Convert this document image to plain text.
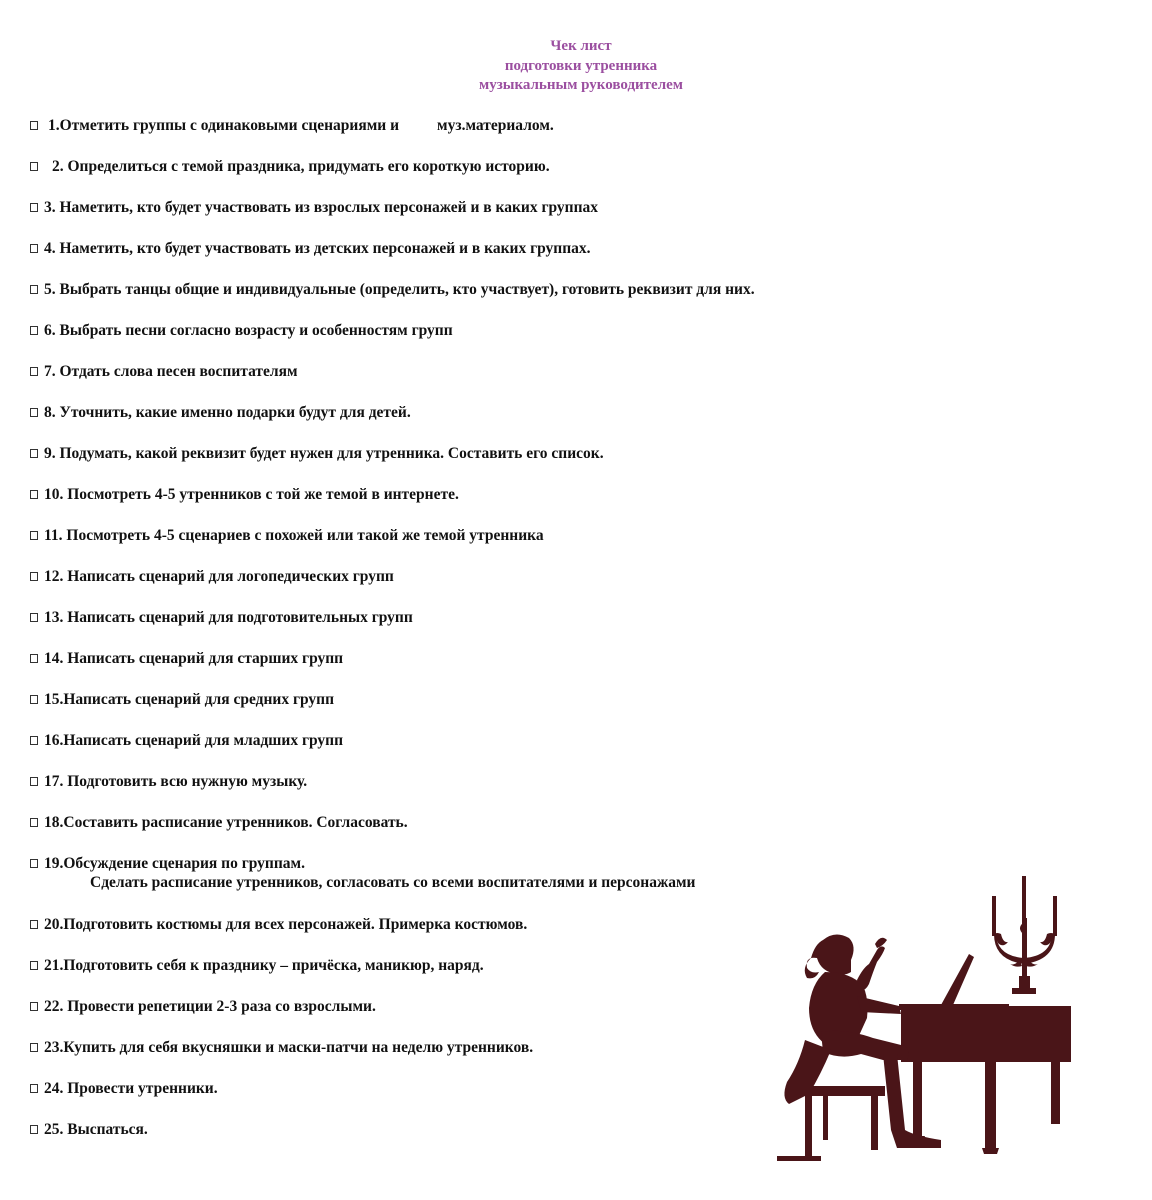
Чек лист
подготовки утренника
музыкальным руководителем
1.Отметить группы с одинаковыми сценариями и муз.материалом.
2. Определиться с темой праздника, придумать его короткую историю.
3. Наметить, кто будет участвовать из взрослых персонажей и в каких группах
4. Наметить, кто будет участвовать из детских персонажей и в каких группах.
5. Выбрать танцы общие и индивидуальные (определить, кто участвует), готовить реквизит для них.
6. Выбрать песни согласно возрасту и особенностям групп
7. Отдать слова песен воспитателям
8. Уточнить, какие именно подарки будут для детей.
9. Подумать, какой реквизит будет нужен для утренника. Составить его список.
10. Посмотреть 4-5 утренников с той же темой в интернете.
11. Посмотреть 4-5 сценариев с похожей или такой же темой утренника
12. Написать сценарий для логопедических групп
13. Написать сценарий для подготовительных групп
14. Написать сценарий для старших групп
15.Написать сценарий для средних групп
16.Написать сценарий для младших групп
17. Подготовить всю нужную музыку.
18.Составить расписание утренников. Согласовать.
19.Обсуждение сценария по группам.
Сделать расписание утренников, согласовать со всеми воспитателями и персонажами
20.Подготовить костюмы для всех персонажей. Примерка костюмов.
21.Подготовить себя к празднику – причёска, маникюр, наряд.
22. Провести репетиции 2-3 раза со взрослыми.
23.Купить для себя вкусняшки и маски-патчи на неделю утренников.
24. Провести утренники.
25. Выспаться.
